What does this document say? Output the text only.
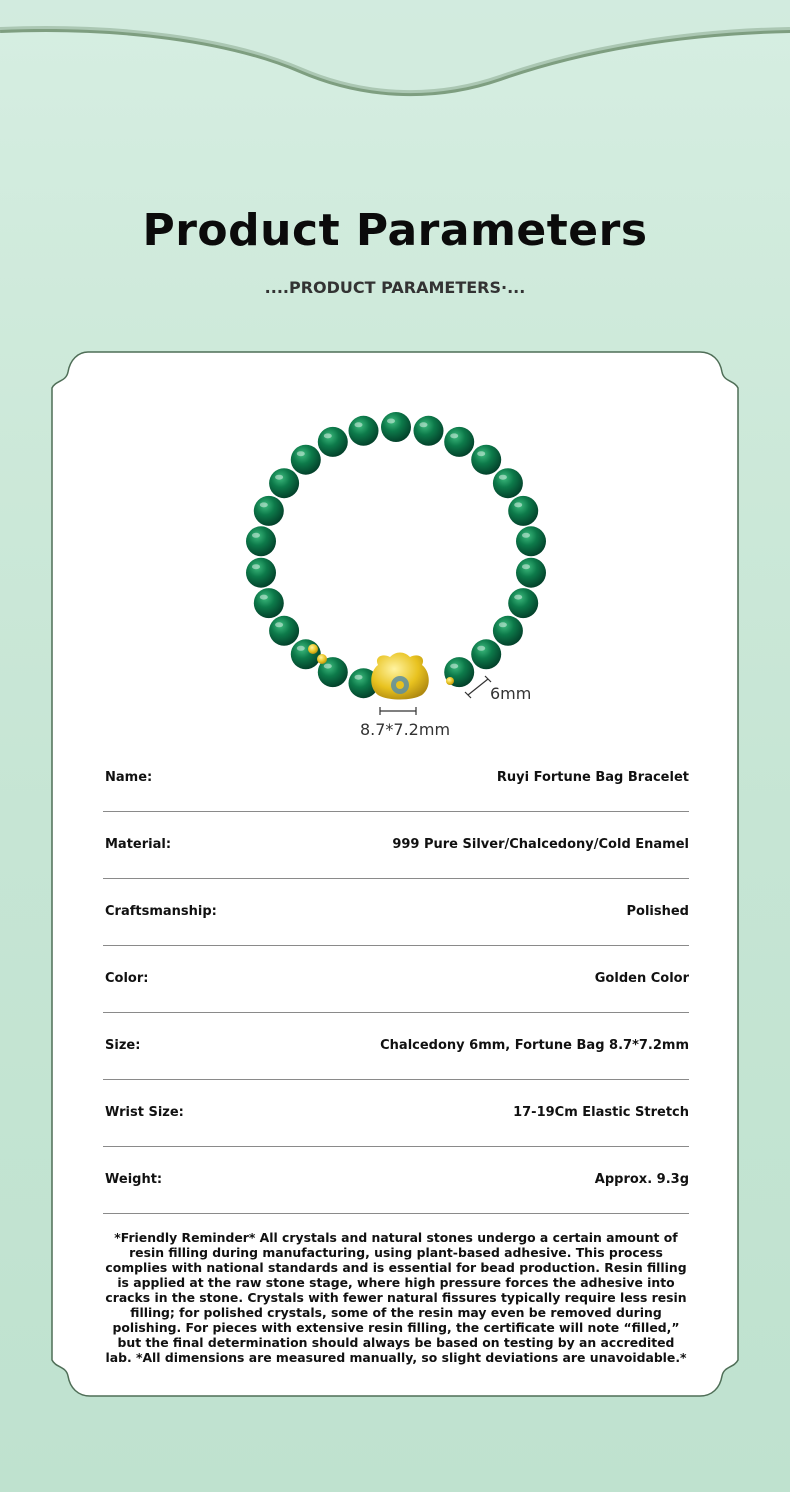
Product Parameters
....PRODUCT PARAMETERS·...
6mm
8.7*7.2mm
Name:	Ruyi Fortune Bag Bracelet
Material:	999 Pure Silver/Chalcedony/Cold Enamel
Craftsmanship:	Polished
Color:	Golden Color
Size:	Chalcedony 6mm, Fortune Bag 8.7*7.2mm
Wrist Size:	17-19Cm Elastic Stretch
Weight:	Approx. 9.3g
*Friendly Reminder* All crystals and natural stones undergo a certain amount of resin filling during manufacturing, using plant-based adhesive. This process complies with national standards and is essential for bead production. Resin filling is applied at the raw stone stage, where high pressure forces the adhesive into cracks in the stone. Crystals with fewer natural fissures typically require less resin filling; for polished crystals, some of the resin may even be removed during polishing. For pieces with extensive resin filling, the certificate will note “filled,” but the final determination should always be based on testing by an accredited lab. *All dimensions are measured manually, so slight deviations are unavoidable.*
